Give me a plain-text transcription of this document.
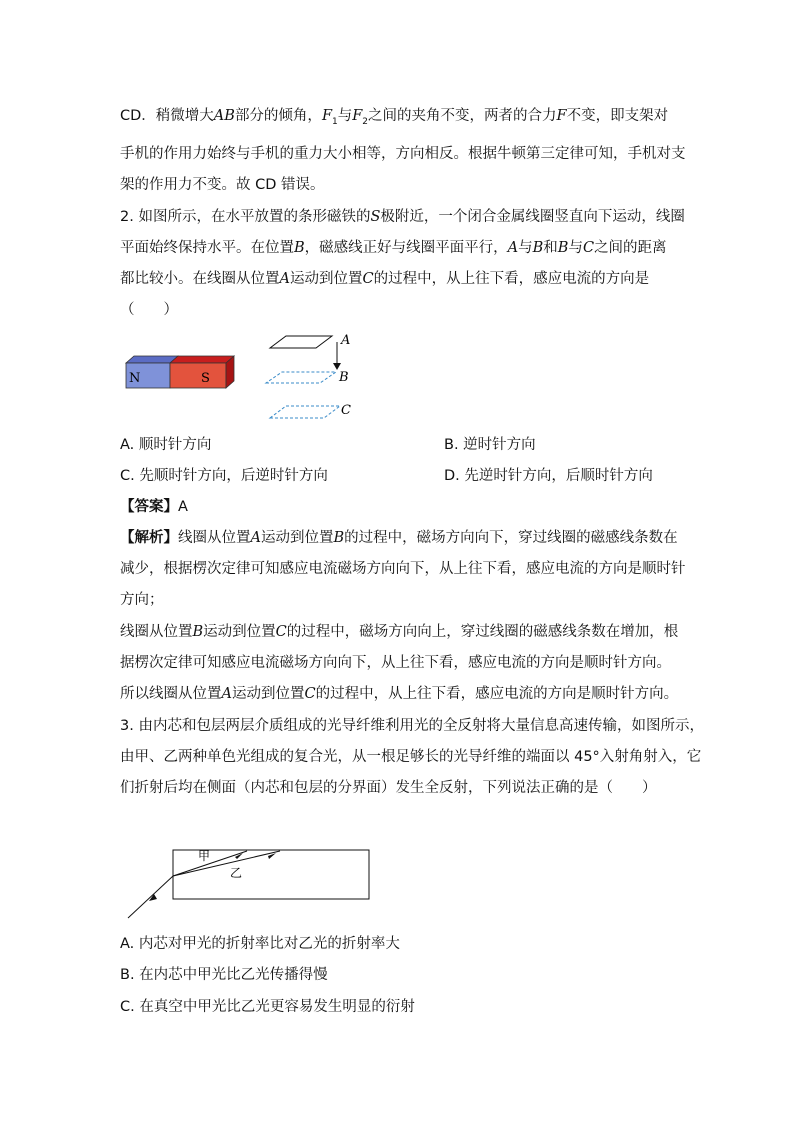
CD．稍微增大AB部分的倾角，$F_1$与$F_2$之间的夹角不变，两者的合力F不变，即支架对
手机的作用力始终与手机的重力大小相等，方向相反。根据牛顿第三定律可知，手机对支
架的作用力不变。故 CD 错误。
2. 如图所示，在水平放置的条形磁铁的S极附近，一个闭合金属线圈竖直向下运动，线圈
平面始终保持水平。在位置B，磁感线正好与线圈平面平行，A与B和B与C之间的距离
都比较小。在线圈从位置A运动到位置C的过程中，从上往下看，感应电流的方向是
（　　）
N	S
A
B
C
A. 顺时针方向	B. 逆时针方向
C. 先顺时针方向，后逆时针方向	D. 先逆时针方向，后顺时针方向
【答案】A
【解析】线圈从位置A运动到位置B的过程中，磁场方向向下，穿过线圈的磁感线条数在
减少，根据楞次定律可知感应电流磁场方向向下，从上往下看，感应电流的方向是顺时针
方向；
线圈从位置B运动到位置C的过程中，磁场方向向上，穿过线圈的磁感线条数在增加，根
据楞次定律可知感应电流磁场方向向下，从上往下看，感应电流的方向是顺时针方向。
所以线圈从位置A运动到位置C的过程中，从上往下看，感应电流的方向是顺时针方向。
3. 由内芯和包层两层介质组成的光导纤维利用光的全反射将大量信息高速传输，如图所示，
由甲、乙两种单色光组成的复合光，从一根足够长的光导纤维的端面以 45°入射角射入，它
们折射后均在侧面（内芯和包层的分界面）发生全反射，下列说法正确的是（　　）
甲
乙
A. 内芯对甲光的折射率比对乙光的折射率大
B. 在内芯中甲光比乙光传播得慢
C. 在真空中甲光比乙光更容易发生明显的衍射
